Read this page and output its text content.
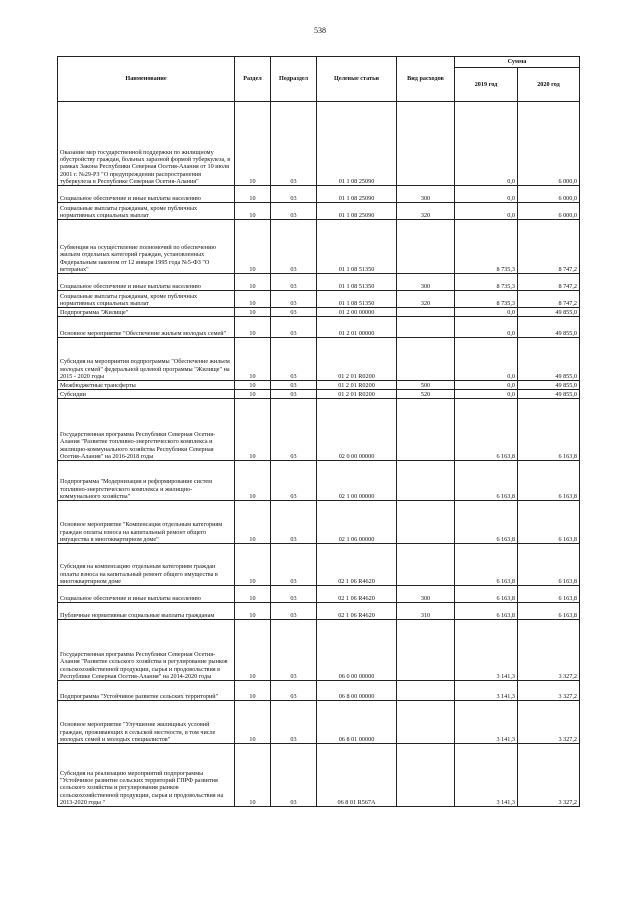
538
Наименование	Раздел	Подраздел	Целевые статьи	Вид расходов	Сумма	
					2019 год	2020 год
Оказание мер государственной поддержки по жилищному обустройству граждан, больных заразной формой туберкулеза, в рамках Закона Республики Северная Осетия-Алания от 10 июля 2001 г. №29-РЗ "О предупреждении распространения туберкулеза в Республике Северная Осетия-Алания"	10	03	01 1 08 25090		0,0	6 000,0
Социальное обеспечение и иные выплаты населению	10	03	01 1 08 25090	300	0,0	6 000,0
Социальные выплаты гражданам, кроме публичных нормативных социальных выплат	10	03	01 1 08 25090	320	0,0	6 000,0
Субвенция на осуществление полномочий по обеспечению жильем отдельных категорий граждан, установленных Федеральным законом от 12 января 1995 года №5-ФЗ "О ветеранах"	10	03	01 1 08 51350		8 735,3	8 747,2
Социальное обеспечение и иные выплаты населению	10	03	01 1 08 51350	300	8 735,3	8 747,2
Социальные выплаты гражданам, кроме публичных нормативных социальных выплат	10	03	01 1 08 51350	320	8 735,3	8 747,2
Подпрограмма "Жилище"	10	03	01 2 00 00000		0,0	49 855,0
Основное мероприятие "Обеспечение жильем молодых семей"	10	03	01 2 01 00000		0,0	49 855,0
Субсидия на мероприятия подпрограммы "Обеспечение жильем молодых семей" федеральной целевой программы "Жилище" на 2015 - 2020 годы	10	03	01 2 01 R0200		0,0	49 855,0
Межбюджетные трансферты	10	03	01 2 01 R0200	500	0,0	49 855,0
Субсидии	10	03	01 2 01 R0200	520	0,0	49 855,0
Государственная программа Республики Северная Осетия-Алания "Развитие топливно-энергетического комплекса и жилищно-коммунального хозяйства Республики Северная Осетия-Алания" на 2016-2018 годы	10	03	02 0 00 00000		6 163,8	6 163,8
Подпрограмма "Модернизация и реформирование систем топливно-энергетического комплекса и жилищно-коммунального хозяйства"	10	03	02 1 00 00000		6 163,8	6 163,8
Основное мероприятие "Компенсация отдельным категориям граждан оплаты взноса на капитальный ремонт общего имущества в многоквартирном доме"	10	03	02 1 06 00000		6 163,8	6 163,8
Субсидия на компенсацию отдельным категориям граждан оплаты взноса на капитальный ремонт общего имущества в многоквартирном доме	10	03	02 1 06 R4620		6 163,8	6 163,8
Социальное обеспечение и иные выплаты населению	10	03	02 1 06 R4620	300	6 163,8	6 163,8
Публичные нормативные социальные выплаты гражданам	10	03	02 1 06 R4620	310	6 163,8	6 163,8
Государственная программа Республики Северная Осетия-Алания "Развитие сельского хозяйства и регулирование рынков сельскохозяйственной продукции, сырья и продовольствия в Республике Северная Осетия-Алания" на 2014-2020 годы	10	03	06 0 00 00000		3 141,3	3 327,2
Подпрограмма "Устойчивое развитие сельских территорий"	10	03	06 8 00 00000		3 141,3	3 327,2
Основное мероприятие "Улучшение жилищных условий граждан, проживающих в сельской местности, в том числе молодых семей и молодых специалистов"	10	03	06 8 01 00000		3 141,3	3 327,2
Субсидия на реализацию мероприятий подпрограммы "Устойчивое развитие сельских территорий ГПРФ развития сельского хозяйства и регулирования рынков сельскохозяйственной продукции, сырья и продовольствия на 2013-2020 годы "	10	03	06 8 01 R567A		3 141,3	3 327,2
